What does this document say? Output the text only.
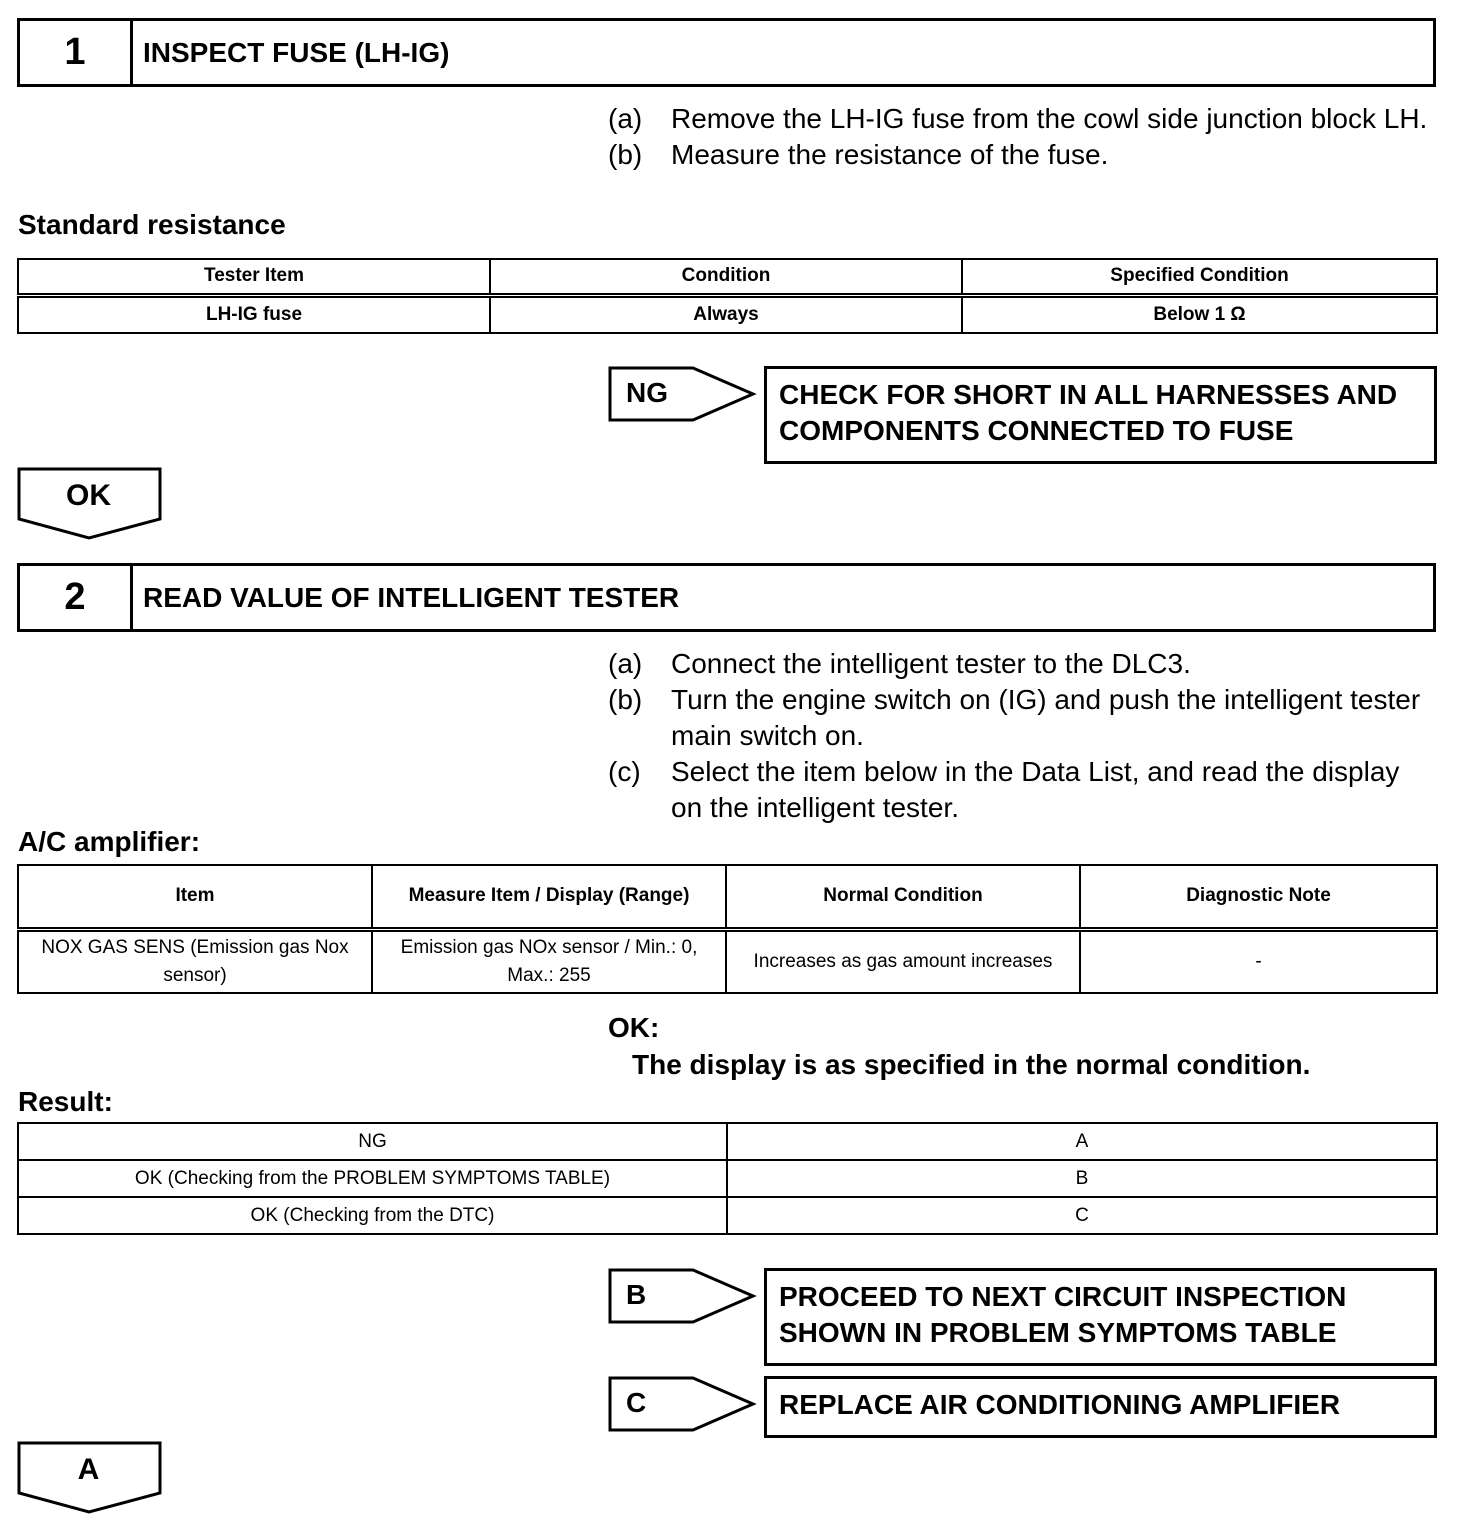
1	INSPECT FUSE (LH-IG)
(a)	Remove the LH-IG fuse from the cowl side junction block LH.
(b)	Measure the resistance of the fuse.
Standard resistance
Tester Item	Condition	Specified Condition
LH-IG fuse	Always	Below 1 Ω
NG	CHECK FOR SHORT IN ALL HARNESSES AND COMPONENTS CONNECTED TO FUSE
OK
2	READ VALUE OF INTELLIGENT TESTER
(a)	Connect the intelligent tester to the DLC3.
(b)	Turn the engine switch on (IG) and push the intelligent tester main switch on.
(c)	Select the item below in the Data List, and read the display on the intelligent tester.
A/C amplifier:
Item	Measure Item / Display (Range)	Normal Condition	Diagnostic Note
NOX GAS SENS (Emission gas Nox sensor)	Emission gas NOx sensor / Min.: 0, Max.: 255	Increases as gas amount increases	-
OK:
The display is as specified in the normal condition.
Result:
NG	A
OK (Checking from the PROBLEM SYMPTOMS TABLE)	B
OK (Checking from the DTC)	C
B	PROCEED TO NEXT CIRCUIT INSPECTION SHOWN IN PROBLEM SYMPTOMS TABLE
C	REPLACE AIR CONDITIONING AMPLIFIER
A
